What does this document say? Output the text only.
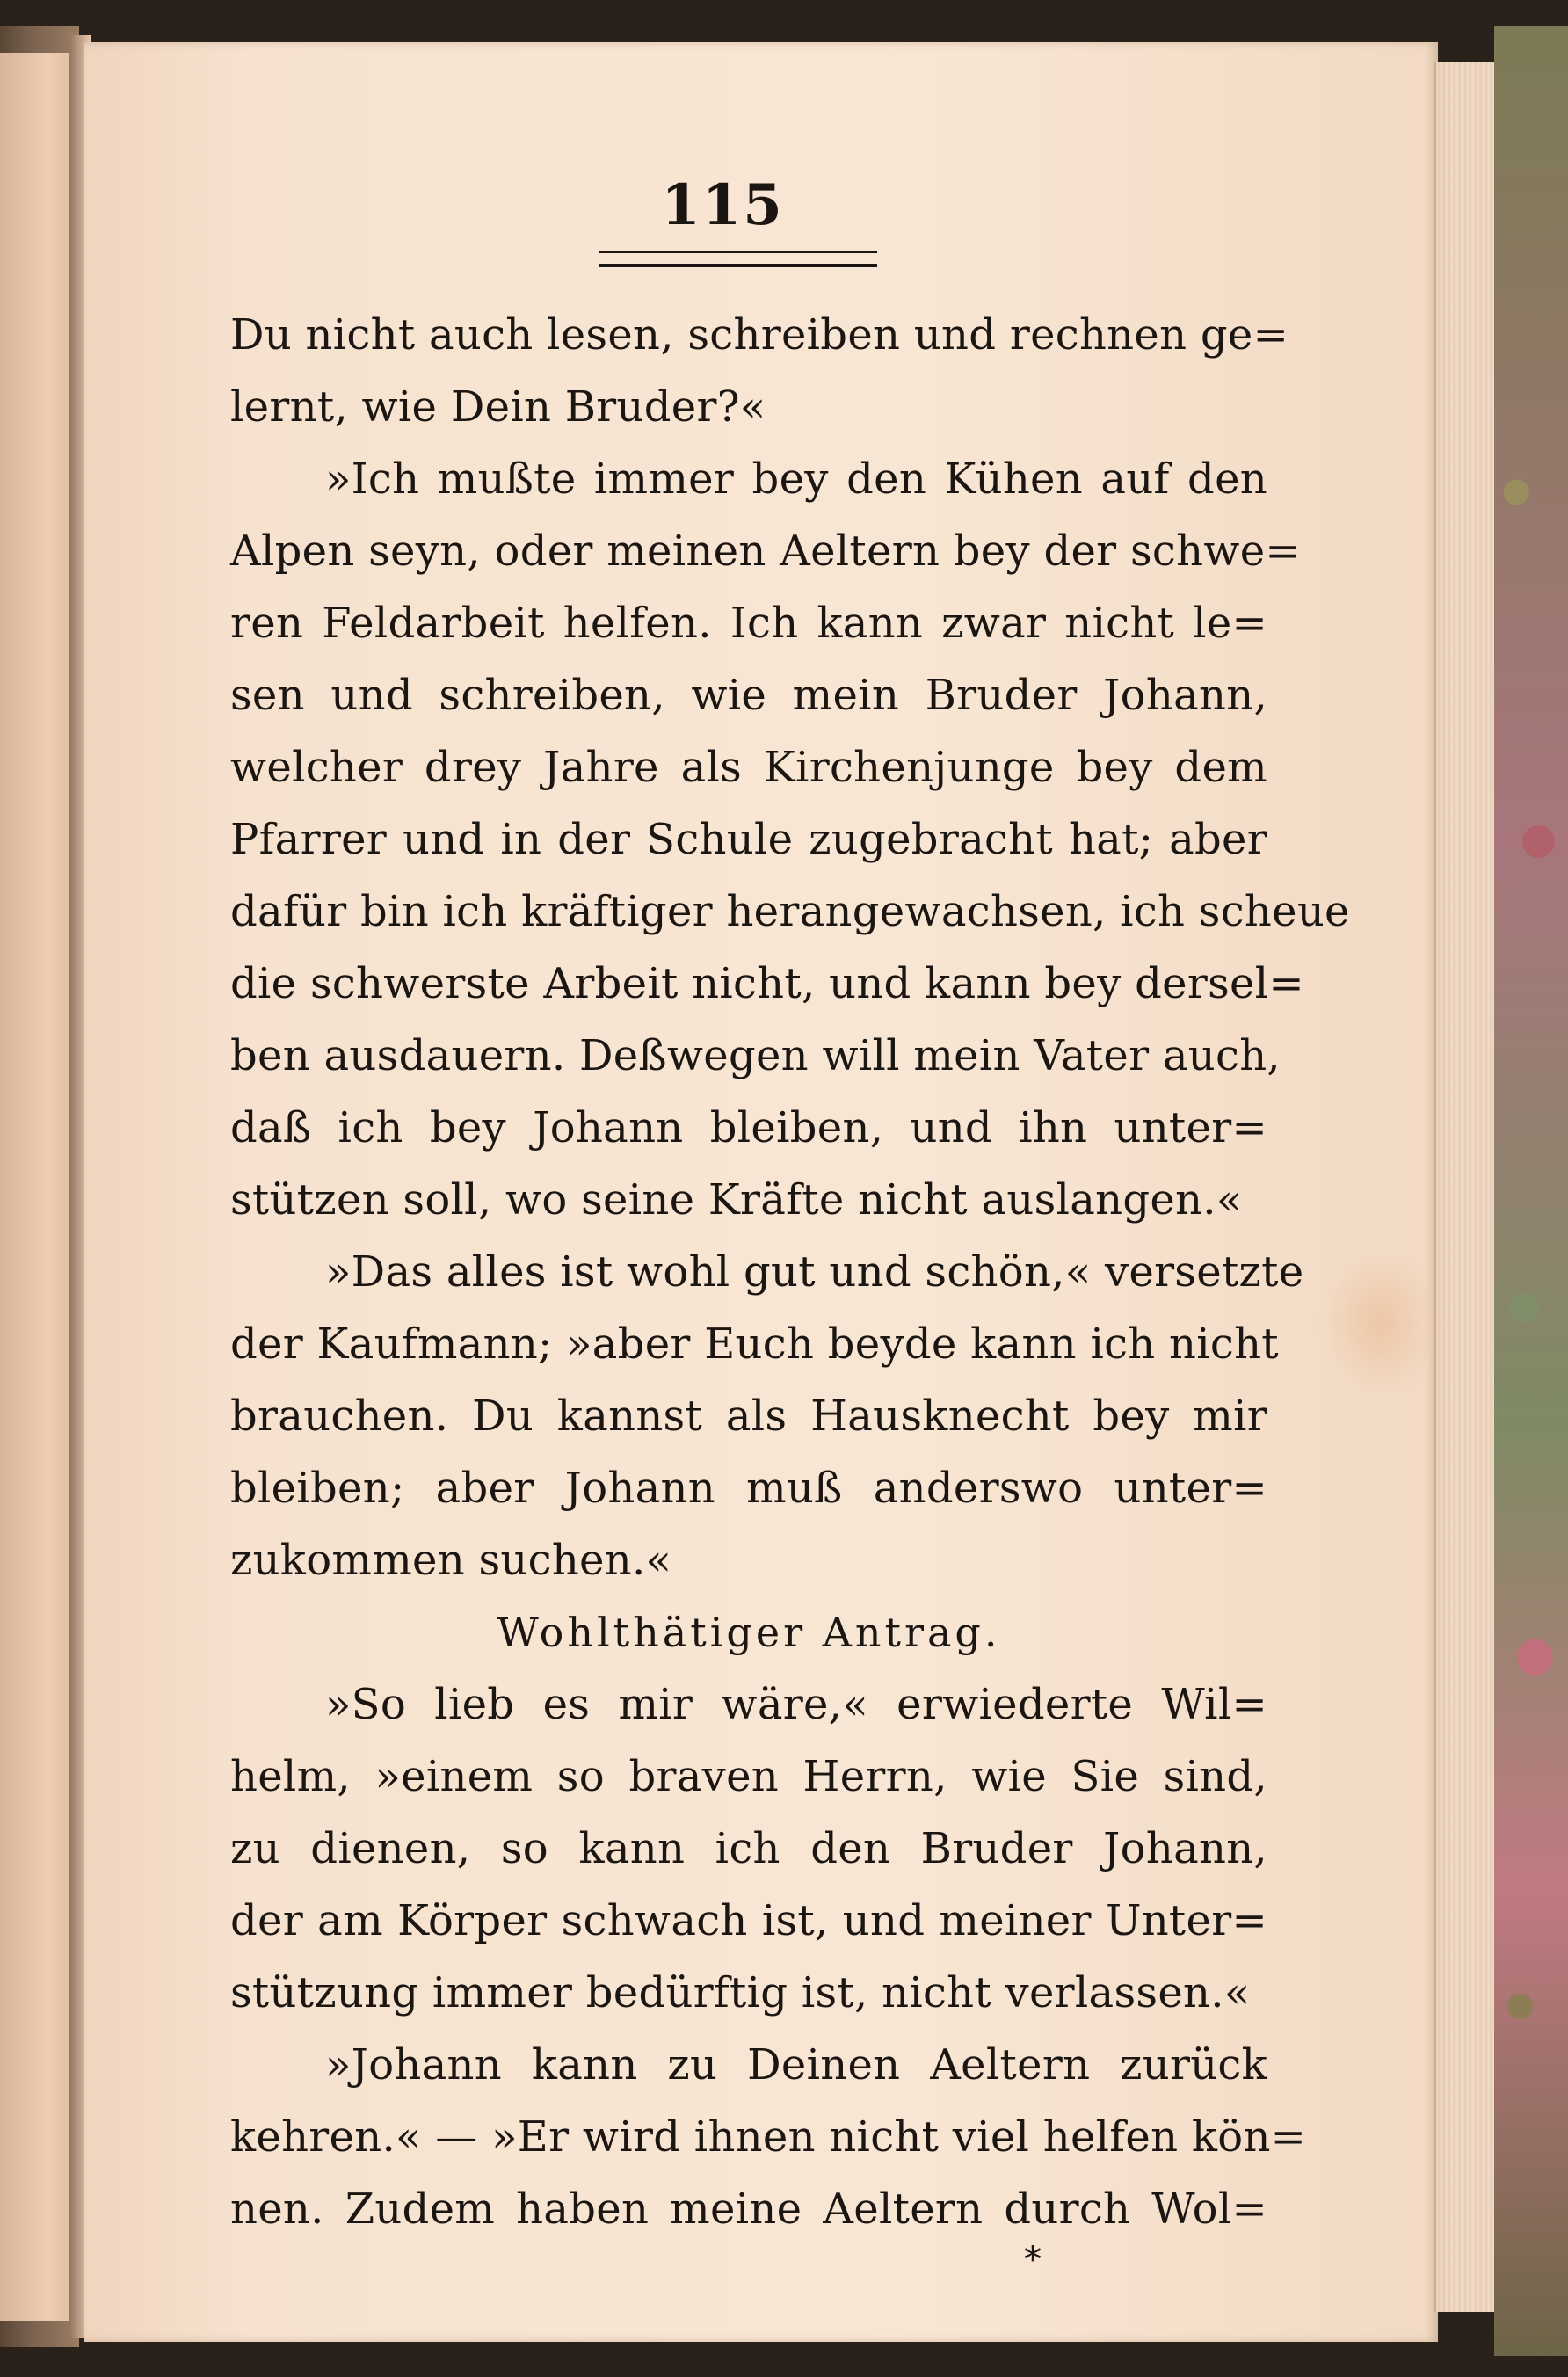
115
Du nicht auch lesen, schreiben und rechnen ge=
lernt, wie Dein Bruder?«
»Ich mußte immer bey den Kühen auf den
Alpen seyn, oder meinen Aeltern bey der schwe=
ren Feldarbeit helfen. Ich kann zwar nicht le=
sen und schreiben, wie mein Bruder Johann,
welcher drey Jahre als Kirchenjunge bey dem
Pfarrer und in der Schule zugebracht hat; aber
dafür bin ich kräftiger herangewachsen, ich scheue
die schwerste Arbeit nicht, und kann bey dersel=
ben ausdauern. Deßwegen will mein Vater auch,
daß ich bey Johann bleiben, und ihn unter=
stützen soll, wo seine Kräfte nicht auslangen.«
»Das alles ist wohl gut und schön,« versetzte
der Kaufmann; »aber Euch beyde kann ich nicht
brauchen. Du kannst als Hausknecht bey mir
bleiben; aber Johann muß anderswo unter=
zukommen suchen.«
Wohlthätiger Antrag.
»So lieb es mir wäre,« erwiederte Wil=
helm, »einem so braven Herrn, wie Sie sind,
zu dienen, so kann ich den Bruder Johann,
der am Körper schwach ist, und meiner Unter=
stützung immer bedürftig ist, nicht verlassen.«
»Johann kann zu Deinen Aeltern zurück
kehren.« — »Er wird ihnen nicht viel helfen kön=
nen. Zudem haben meine Aeltern durch Wol=
*
